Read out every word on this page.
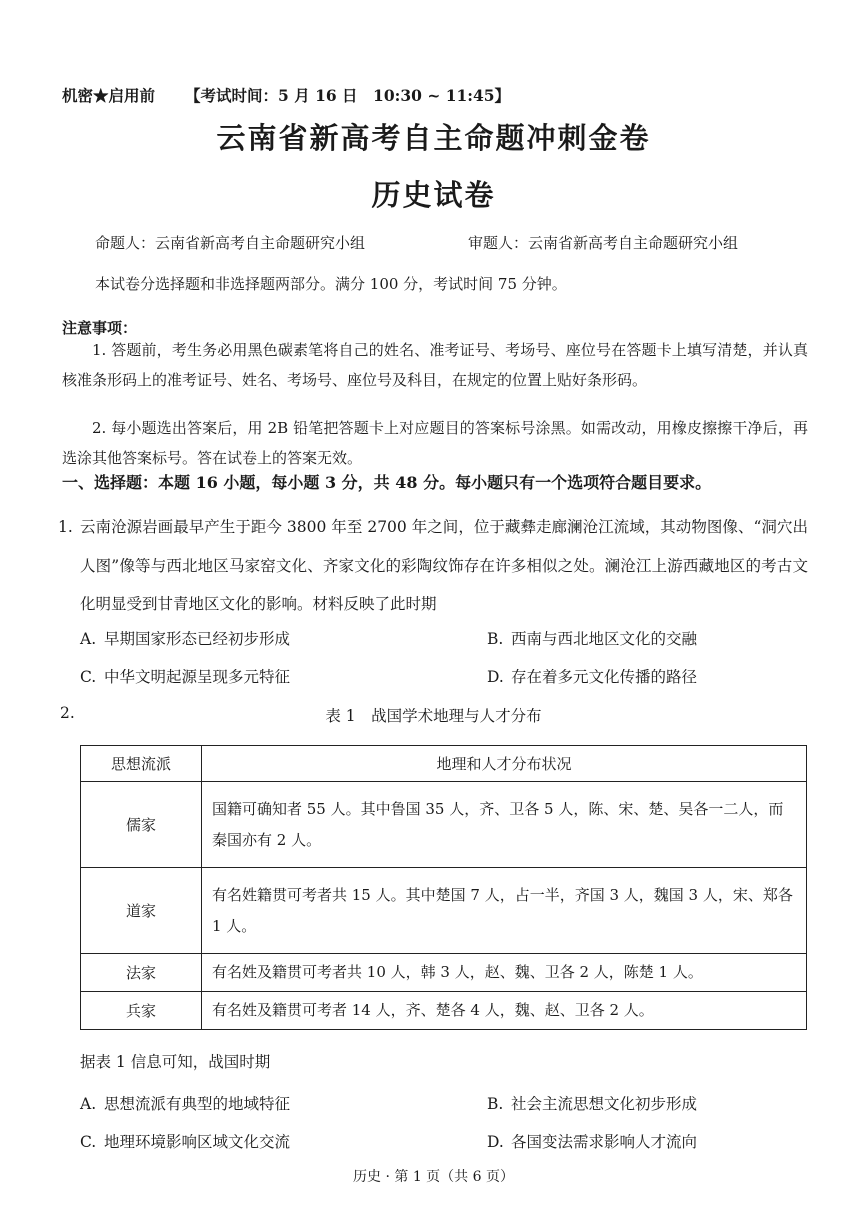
机密★启用前 【考试时间：5 月 16 日　10:30 ~ 11:45】
云南省新高考自主命题冲刺金卷
历史试卷
命题人：云南省新高考自主命题研究小组	审题人：云南省新高考自主命题研究小组
本试卷分选择题和非选择题两部分。满分 100 分，考试时间 75 分钟。
注意事项：
1. 答题前，考生务必用黑色碳素笔将自己的姓名、准考证号、考场号、座位号在答题卡上填写清楚，并认真核准条形码上的准考证号、姓名、考场号、座位号及科目，在规定的位置上贴好条形码。
2. 每小题选出答案后，用 2B 铅笔把答题卡上对应题目的答案标号涂黑。如需改动，用橡皮擦擦干净后，再选涂其他答案标号。答在试卷上的答案无效。
一、选择题：本题 16 小题，每小题 3 分，共 48 分。每小题只有一个选项符合题目要求。
1. 云南沧源岩画最早产生于距今 3800 年至 2700 年之间，位于藏彝走廊澜沧江流域，其动物图像、“洞穴出人图”像等与西北地区马家窑文化、齐家文化的彩陶纹饰存在许多相似之处。澜沧江上游西藏地区的考古文化明显受到甘青地区文化的影响。材料反映了此时期
A. 早期国家形态已经初步形成	B. 西南与西北地区文化的交融
C. 中华文明起源呈现多元特征	D. 存在着多元文化传播的路径
2.	表 1　战国学术地理与人才分布
思想流派	地理和人才分布状况
儒家	国籍可确知者 55 人。其中鲁国 35 人，齐、卫各 5 人，陈、宋、楚、吴各一二人，而秦国亦有 2 人。
道家	有名姓籍贯可考者共 15 人。其中楚国 7 人，占一半，齐国 3 人，魏国 3 人，宋、郑各 1 人。
法家	有名姓及籍贯可考者共 10 人，韩 3 人，赵、魏、卫各 2 人，陈楚 1 人。
兵家	有名姓及籍贯可考者 14 人，齐、楚各 4 人，魏、赵、卫各 2 人。
据表 1 信息可知，战国时期
A. 思想流派有典型的地域特征	B. 社会主流思想文化初步形成
C. 地理环境影响区域文化交流	D. 各国变法需求影响人才流向
历史 · 第 1 页（共 6 页）
